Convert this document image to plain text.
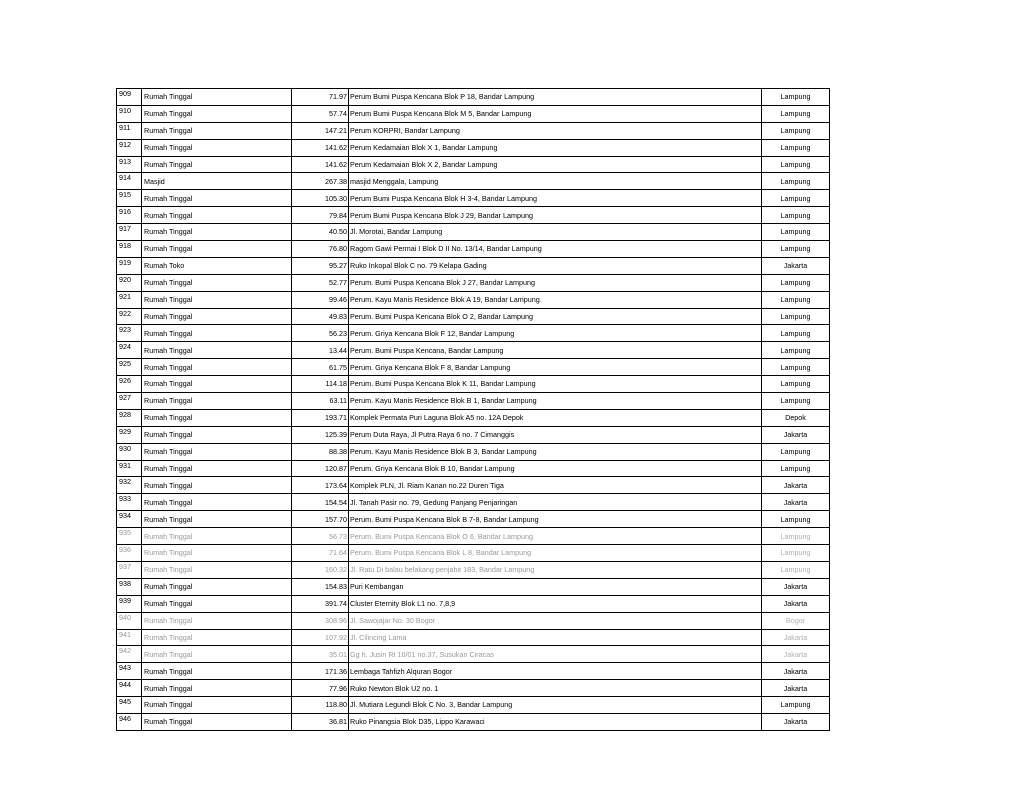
909	Rumah Tinggal	71.97	Perum Bumi Puspa Kencana Blok P 18, Bandar Lampung	Lampung
910	Rumah Tinggal	57.74	Perum Bumi Puspa Kencana Blok M 5, Bandar Lampung	Lampung
911	Rumah Tinggal	147.21	Perum KORPRI, Bandar Lampung	Lampung
912	Rumah Tinggal	141.62	Perum Kedamaian Blok X 1, Bandar Lampung	Lampung
913	Rumah Tinggal	141.62	Perum Kedamaian Blok X 2, Bandar Lampung	Lampung
914	Masjid	267.38	masjid Menggala, Lampung	Lampung
915	Rumah Tinggal	105.30	Perum Bumi Puspa Kencana Blok H 3-4, Bandar Lampung	Lampung
916	Rumah Tinggal	79.84	Perum Bumi Puspa Kencana Blok J 29, Bandar Lampung	Lampung
917	Rumah Tinggal	40.50	Jl. Morotai, Bandar Lampung	Lampung
918	Rumah Tinggal	76.80	Ragom Gawi Permai I Blok D II No. 13/14, Bandar Lampung	Lampung
919	Rumah Toko	95.27	Ruko Inkopal Blok C no. 79 Kelapa Gading	Jakarta
920	Rumah Tinggal	52.77	Perum. Bumi Puspa Kencana Blok J 27, Bandar Lampung	Lampung
921	Rumah Tinggal	99.46	Perum. Kayu Manis Residence Blok A 19, Bandar Lampung	Lampung
922	Rumah Tinggal	49.83	Perum. Bumi Puspa Kencana Blok O 2, Bandar Lampung	Lampung
923	Rumah Tinggal	56.23	Perum. Griya Kencana Blok F 12, Bandar Lampung	Lampung
924	Rumah Tinggal	13.44	Perum. Bumi Puspa Kencana, Bandar Lampung	Lampung
925	Rumah Tinggal	61.75	Perum. Griya Kencana Blok F 8, Bandar Lampung	Lampung
926	Rumah Tinggal	114.18	Perum. Bumi Puspa Kencana Blok K 11, Bandar Lampung	Lampung
927	Rumah Tinggal	63.11	Perum. Kayu Manis Residence Blok B 1, Bandar Lampung	Lampung
928	Rumah Tinggal	193.71	Komplek Permata Puri Laguna Blok A5 no. 12A Depok	Depok
929	Rumah Tinggal	125.39	Perum Duta Raya, Jl Putra Raya 6 no. 7 Cimanggis	Jakarta
930	Rumah Tinggal	88.38	Perum. Kayu Manis Residence Blok B 3, Bandar Lampung	Lampung
931	Rumah Tinggal	120.87	Perum. Griya Kencana Blok B 10, Bandar Lampung	Lampung
932	Rumah Tinggal	173.64	Komplek PLN, Jl. Riam Kanan no.22 Duren Tiga	Jakarta
933	Rumah Tinggal	154.54	Jl. Tanah Pasir no. 79, Gedung Panjang Penjaringan	Jakarta
934	Rumah Tinggal	157.70	Perum. Bumi Puspa Kencana Blok B 7-8, Bandar Lampung	Lampung
935	Rumah Tinggal	56.73	Perum. Bumi Puspa Kencana Blok O 6, Bandar Lampung	Lampung
936	Rumah Tinggal	71.64	Perum. Bumi Puspa Kencana Blok L 8, Bandar Lampung	Lampung
937	Rumah Tinggal	160.32	Jl. Ratu Di balau belakang penjahit 183, Bandar Lampung	Lampung
938	Rumah Tinggal	154.83	Puri Kembangan	Jakarta
939	Rumah Tinggal	391.74	Cluster Eternity Blok L1 no. 7,8,9	Jakarta
940	Rumah Tinggal	308.96	Jl. Sawojajar No. 30 Bogor	Bogor
941	Rumah Tinggal	107.92	Jl. Cilincing Lama	Jakarta
942	Rumah Tinggal	35.01	Gg h. Jusin Rt 10/01 no.37, Susukan Ciracas	Jakarta
943	Rumah Tinggal	171.36	Lembaga Tahfizh Alquran Bogor	Jakarta
944	Rumah Tinggal	77.96	Ruko Newton Blok U2 no. 1	Jakarta
945	Rumah Tinggal	118.80	Jl. Mutiara Legundi Blok C No. 3, Bandar Lampung	Lampung
946	Rumah Tinggal	36.81	Ruko Pinangsia Blok D35, Lippo Karawaci	Jakarta
